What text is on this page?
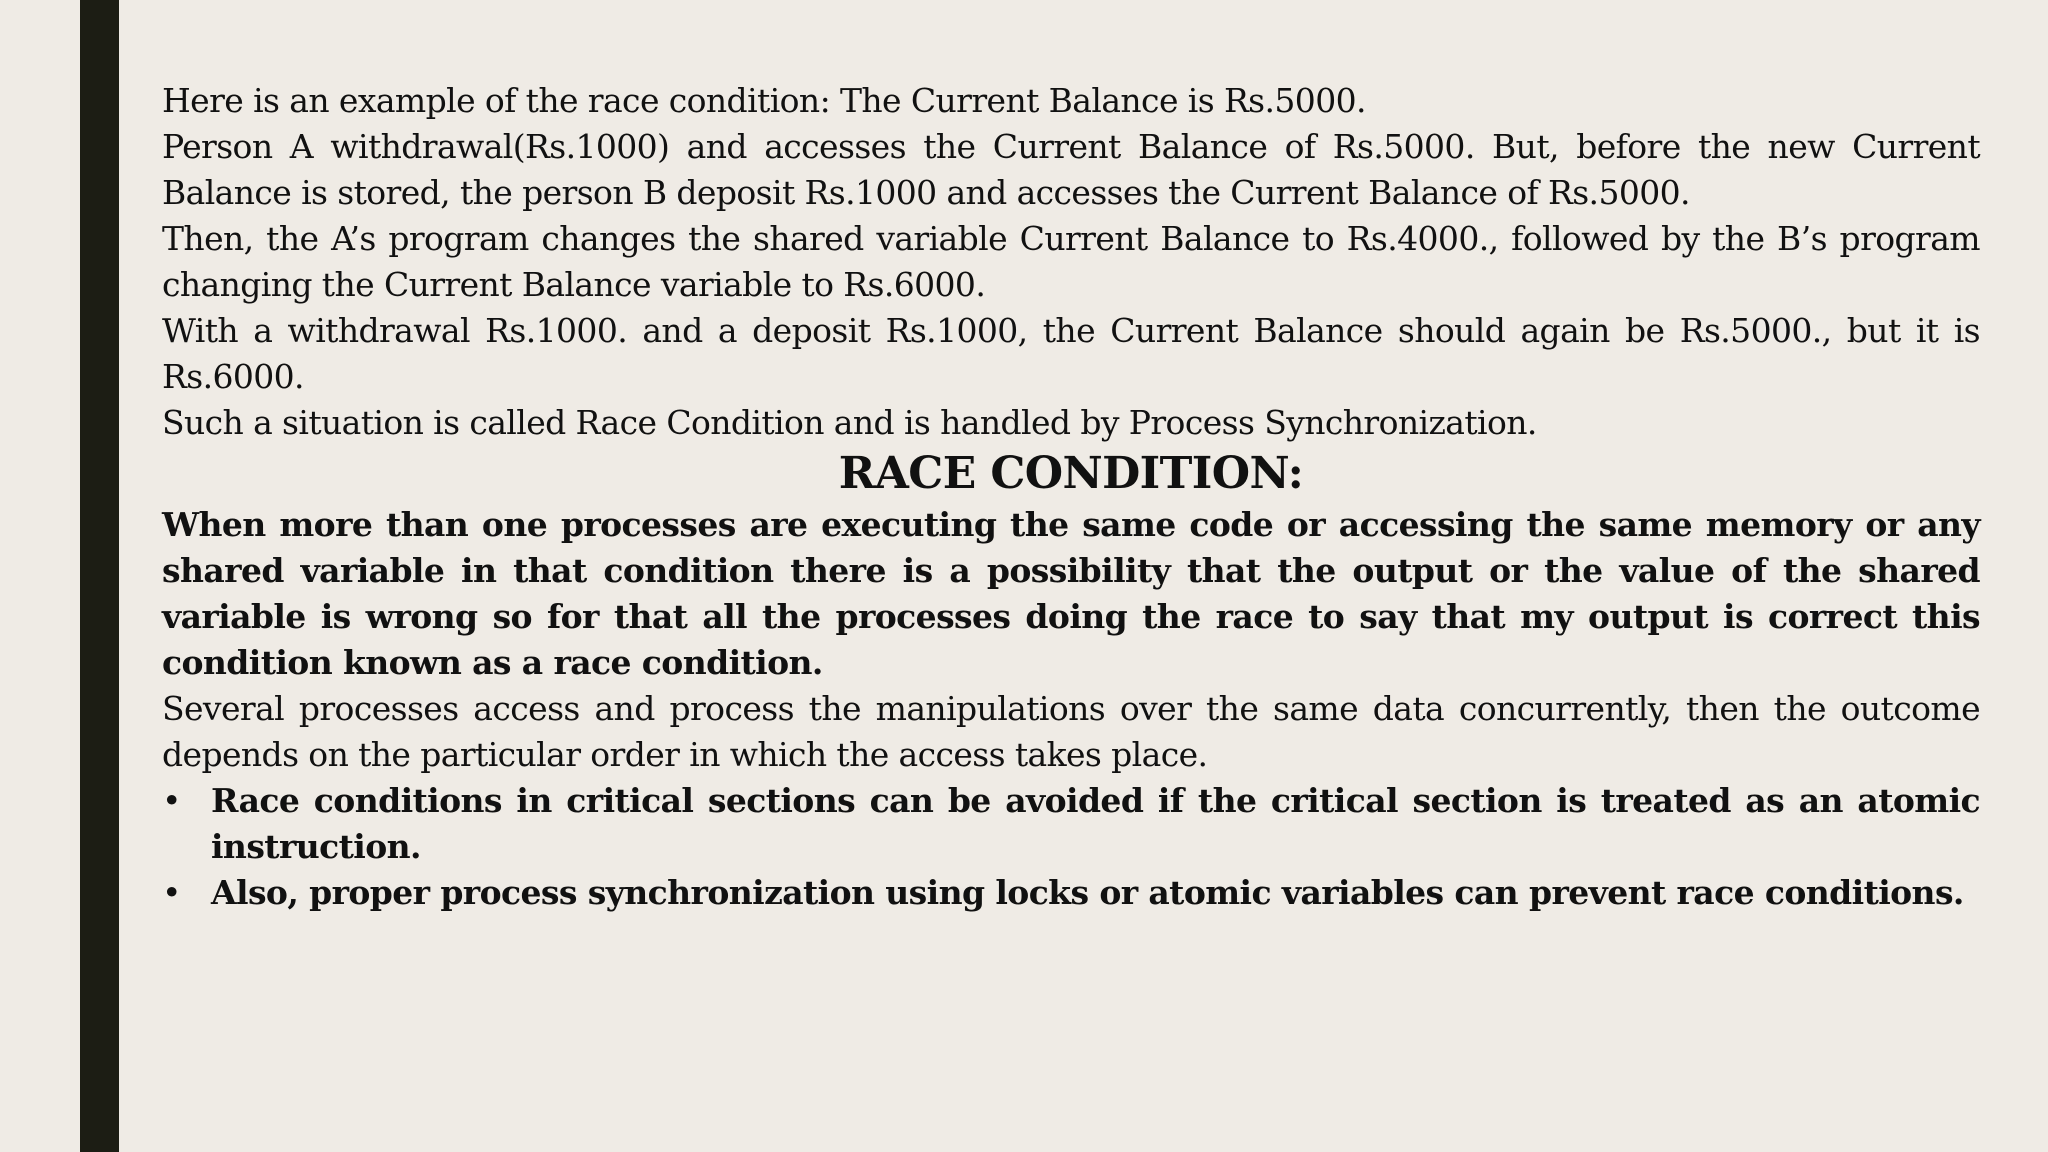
Here is an example of the race condition: The Current Balance is Rs.5000.

Person A withdrawal(Rs.1000) and accesses the Current Balance of Rs.5000. But, before the new Current Balance is stored, the person B deposit Rs.1000 and accesses the Current Balance of Rs.5000.

Then, the A’s program changes the shared variable Current Balance to Rs.4000., followed by the B’s program changing the Current Balance variable to Rs.6000.

With a withdrawal Rs.1000. and a deposit Rs.1000, the Current Balance should again be Rs.5000., but it is Rs.6000.

Such a situation is called Race Condition and is handled by Process Synchronization.

RACE CONDITION:

When more than one processes are executing the same code or accessing the same memory or any shared variable in that condition there is a possibility that the output or the value of the shared variable is wrong so for that all the processes doing the race to say that my output is correct this condition known as a race condition.

Several processes access and process the manipulations over the same data concurrently, then the outcome depends on the particular order in which the access takes place.

• Race conditions in critical sections can be avoided if the critical section is treated as an atomic instruction.
• Also, proper process synchronization using locks or atomic variables can prevent race conditions.
